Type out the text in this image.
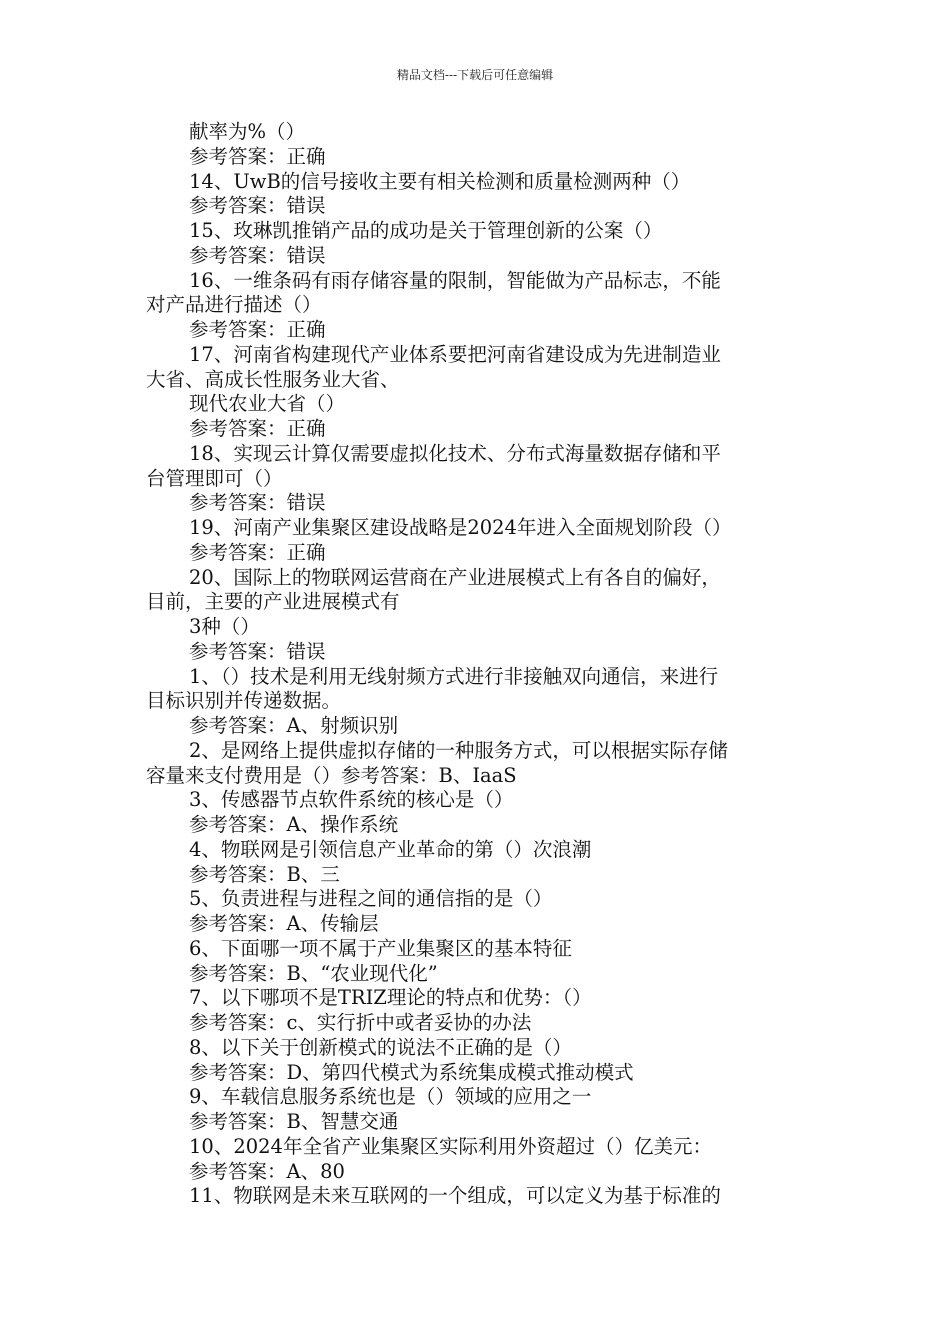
精品文档---下载后可任意编辑
献率为%（）
参考答案：正确
14、UwB的信号接收主要有相关检测和质量检测两种（）
参考答案：错误
15、玫琳凯推销产品的成功是关于管理创新的公案（）
参考答案：错误
16、一维条码有雨存储容量的限制，智能做为产品标志，不能
对产品进行描述（）
参考答案：正确
17、河南省构建现代产业体系要把河南省建设成为先进制造业
大省、高成长性服务业大省、
现代农业大省（）
参考答案：正确
18、实现云计算仅需要虚拟化技术、分布式海量数据存储和平
台管理即可（）
参考答案：错误
19、河南产业集聚区建设战略是2024年进入全面规划阶段（）
参考答案：正确
20、国际上的物联网运营商在产业进展模式上有各自的偏好，
目前，主要的产业进展模式有
3种（）
参考答案：错误
1、（）技术是利用无线射频方式进行非接触双向通信，来进行
目标识别并传递数据。
参考答案：A、射频识别
2、是网络上提供虚拟存储的一种服务方式，可以根据实际存储
容量来支付费用是（）参考答案：B、IaaS
3、传感器节点软件系统的核心是（）
参考答案：A、操作系统
4、物联网是引领信息产业革命的第（）次浪潮
参考答案：B、三
5、负责进程与进程之间的通信指的是（）
参考答案：A、传输层
6、下面哪一项不属于产业集聚区的基本特征
参考答案：B、“农业现代化”
7、以下哪项不是TRIZ理论的特点和优势：（）
参考答案：c、实行折中或者妥协的办法
8、以下关于创新模式的说法不正确的是（）
参考答案：D、第四代模式为系统集成模式推动模式
9、车载信息服务系统也是（）领域的应用之一
参考答案：B、智慧交通
10、2024年全省产业集聚区实际利用外资超过（）亿美元：
参考答案：A、80
11、物联网是未来互联网的一个组成，可以定义为基于标准的
